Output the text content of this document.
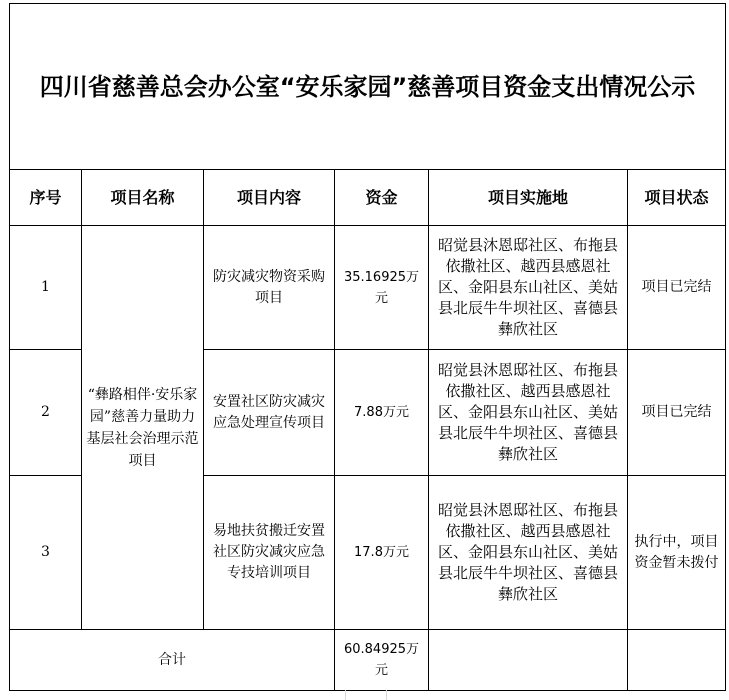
四川省慈善总会办公室“安乐家园”慈善项目资金支出情况公示					
序号	项目名称	项目内容	资金	项目实施地	项目状态
1	“彝路相伴·安乐家园”慈善力量助力基层社会治理示范项目	防灾减灾物资采购项目	35.16925万元	昭觉县沐恩邸社区、布拖县依撒社区、越西县感恩社区、金阳县东山社区、美姑县北辰牛牛坝社区、喜德县彝欣社区	项目已完结
2		安置社区防灾减灾应急处理宣传项目	7.88万元	昭觉县沐恩邸社区、布拖县依撒社区、越西县感恩社区、金阳县东山社区、美姑县北辰牛牛坝社区、喜德县彝欣社区	项目已完结
3		易地扶贫搬迁安置社区防灾减灾应急专技培训项目	17.8万元	昭觉县沐恩邸社区、布拖县依撒社区、越西县感恩社区、金阳县东山社区、美姑县北辰牛牛坝社区、喜德县彝欣社区	执行中，项目资金暂未拨付
合计			60.84925万元		
